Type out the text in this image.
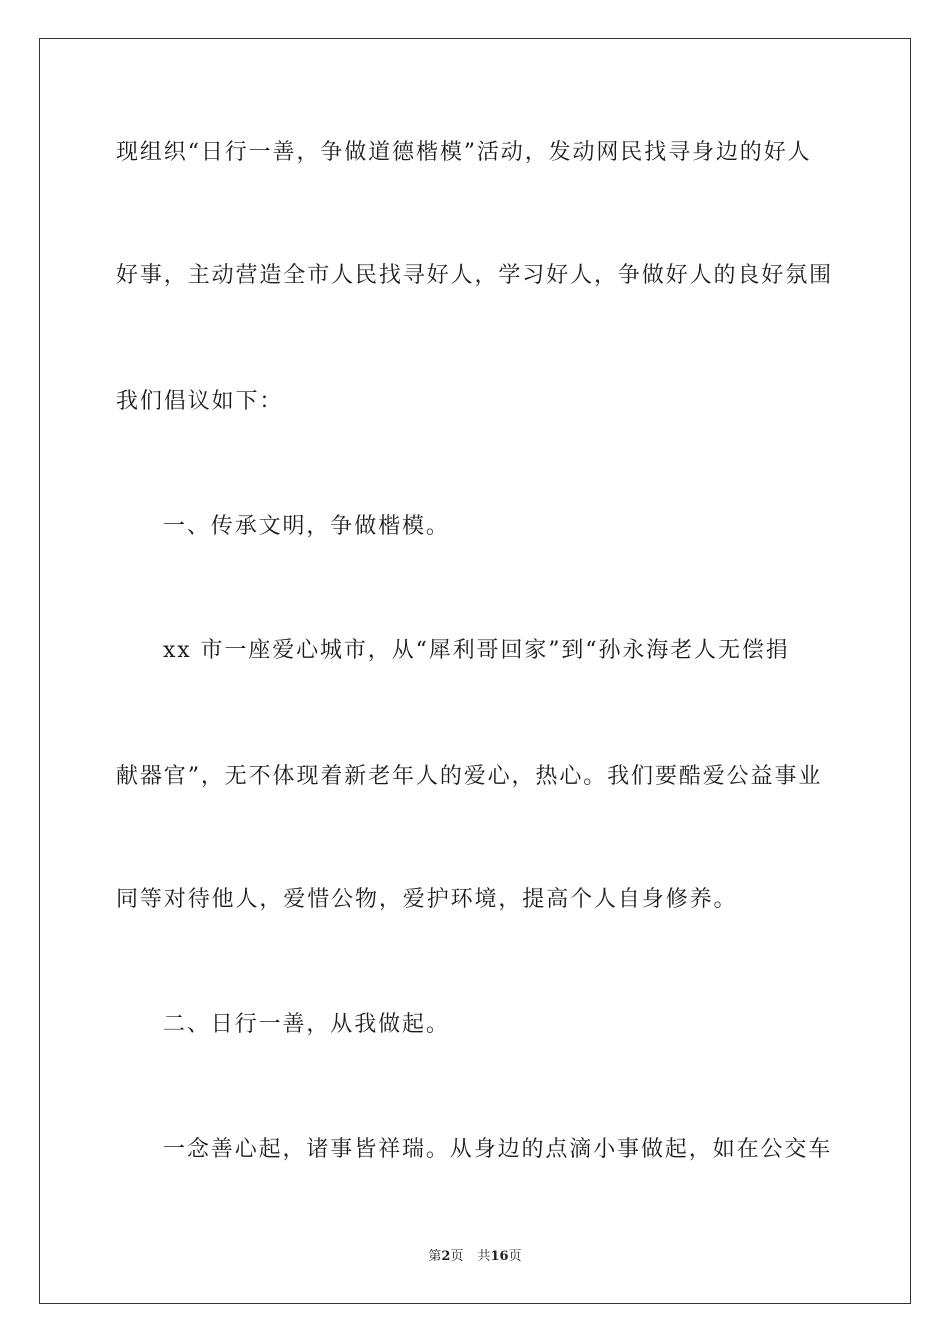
现组织“日行一善，争做道德楷模”活动，发动网民找寻身边的好人
好事，主动营造全市人民找寻好人，学习好人，争做好人的良好氛围
我们倡议如下：
一、传承文明，争做楷模。
xx 市一座爱心城市，从“犀利哥回家”到“孙永海老人无偿捐
献器官”，无不体现着新老年人的爱心，热心。我们要酷爱公益事业
同等对待他人，爱惜公物，爱护环境，提高个人自身修养。
二、日行一善，从我做起。
一念善心起，诸事皆祥瑞。从身边的点滴小事做起，如在公交车
第2页 共16页
